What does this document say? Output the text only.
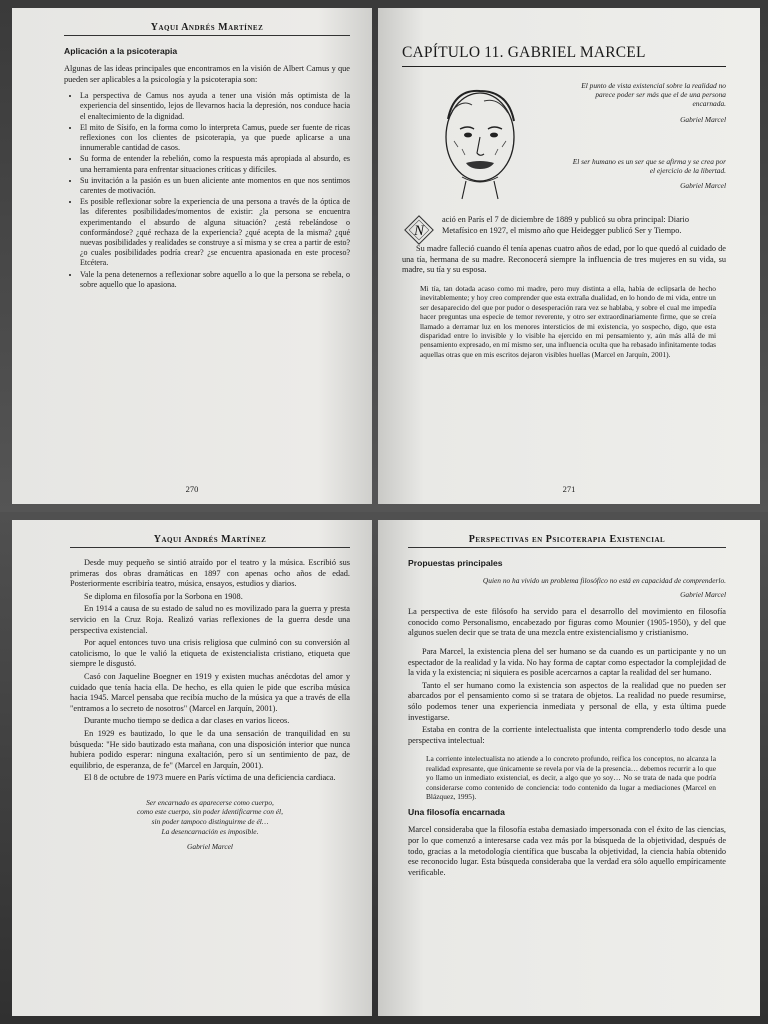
Yaqui Andrés Martínez
Aplicación a la psicoterapia

Algunas de las ideas principales que encontramos en la visión de Albert Camus y que pueden ser aplicables a la psicología y la psicoterapia son:

• La perspectiva de Camus nos ayuda a tener una visión más optimista de la experiencia del sinsentido, lejos de llevarnos hacia la depresión, nos conduce hacia el enaltecimiento de la dignidad.
• El mito de Sísifo, en la forma como lo interpreta Camus, puede ser fuente de ricas reflexiones con los clientes de psicoterapia, ya que puede aplicarse a una innumerable cantidad de casos.
• Su forma de entender la rebelión, como la respuesta más apropiada al absurdo, es una herramienta para enfrentar situaciones críticas y difíciles.
• Su invitación a la pasión es un buen aliciente ante momentos en que nos sentimos carentes de motivación.
• Es posible reflexionar sobre la experiencia de una persona a través de la óptica de las diferentes posibilidades/momentos de existir: ¿la persona se encuentra experimentando el absurdo de alguna situación? ¿está rebelándose o conformándose? ¿qué rechaza de la experiencia? ¿qué acepta de la misma? ¿qué nuevas posibilidades y realidades se construye a sí misma y se crea a partir de esto? ¿o cuales posibilidades podría crear? ¿se encuentra apasionada en este proceso? Etcétera.
• Vale la pena detenernos a reflexionar sobre aquello a lo que la persona se rebela, o sobre aquello que lo apasiona.
270
CAPÍTULO 11. GABRIEL MARCEL
El punto de vista existencial sobre la realidad no parece poder ser más que el de una persona encarnada.
Gabriel Marcel
El ser humano es un ser que se afirma y se crea por el ejercicio de la libertad.
Gabriel Marcel
N
ació en París el 7 de diciembre de 1889 y publicó su obra principal: Diario Metafísico en 1927, el mismo año que Heidegger publicó Ser y Tiempo.

Su madre falleció cuando él tenía apenas cuatro años de edad, por lo que quedó al cuidado de una tía, hermana de su madre. Reconocerá siempre la influencia de tres mujeres en su vida, su madre, su tía y su esposa.

Mi tía, tan dotada acaso como mi madre, pero muy distinta a ella, había de eclipsarla de hecho inevitablemente; y hoy creo comprender que esta extraña dualidad, en lo hondo de mi vida, entre un ser desaparecido del que por pudor o desesperación rara vez se hablaba, y sobre el cual me impedía hacer preguntas una especie de temor reverente, y otro ser extraordinariamente firme, que se creía llamado a derramar luz en los menores intersticios de mi existencia, yo sospecho, digo, que esta disparidad entre lo invisible y lo visible ha ejercido en mi pensamiento y, aún más allá de mi pensamiento expresado, en mí mismo ser, una influencia oculta que ha rebasado infinitamente todas aquellas otras que en mis escritos dejaron visibles huellas (Marcel en Jarquín, 2001).
271
Yaqui Andrés Martínez

Desde muy pequeño se sintió atraído por el teatro y la música. Escribió sus primeras dos obras dramáticas en 1897 con apenas ocho años de edad. Posteriormente escribiría teatro, música, ensayos, estudios y diarios.

Se diploma en filosofía por la Sorbona en 1908.

En 1914 a causa de su estado de salud no es movilizado para la guerra y presta servicio en la Cruz Roja. Realizó varias reflexiones de la guerra desde una perspectiva existencial.

Por aquel entonces tuvo una crisis religiosa que culminó con su conversión al catolicismo, lo que le valió la etiqueta de existencialista cristiano, etiqueta que siempre le disgustó.

Casó con Jaqueline Boegner en 1919 y existen muchas anécdotas del amor y cuidado que tenía hacia ella. De hecho, es ella quien le pide que escriba música hacia 1945. Marcel pensaba que recibía mucho de la música ya que a través de ella "entramos a lo secreto de nosotros" (Marcel en Jarquín, 2001).

Durante mucho tiempo se dedica a dar clases en varios liceos.

En 1929 es bautizado, lo que le da una sensación de tranquilidad en su búsqueda: "He sido bautizado esta mañana, con una disposición interior que nunca hubiera podido esperar: ninguna exaltación, pero sí un sentimiento de paz, de equilibrio, de esperanza, de fe" (Marcel en Jarquín, 2001).

El 8 de octubre de 1973 muere en París víctima de una deficiencia cardiaca.

Ser encarnado es aparecerse como cuerpo,
como este cuerpo, sin poder identificarme con él,
sin poder tampoco distinguirme de él…
La desencarnación es imposible.
Gabriel Marcel
Perspectivas en Psicoterapia Existencial
Propuestas principales
Quien no ha vivido un problema filosófico no está en capacidad de comprenderlo.
Gabriel Marcel

La perspectiva de este filósofo ha servido para el desarrollo del movimiento en filosofía conocido como Personalismo, encabezado por figuras como Mounier (1905-1950), y del que algunos suelen decir que se trata de una mezcla entre existencialismo y cristianismo.

Para Marcel, la existencia plena del ser humano se da cuando es un participante y no un espectador de la realidad y la vida. No hay forma de captar como espectador la complejidad de la vida y la existencia; ni siquiera es posible acercarnos a captar la realidad del ser humano.

Tanto el ser humano como la existencia son aspectos de la realidad que no pueden ser abarcados por el pensamiento como si se tratara de objetos. La realidad no puede resumirse, sólo podemos tener una experiencia inmediata y personal de ella, y esta última puede investigarse.

Estaba en contra de la corriente intelectualista que intenta comprenderlo todo desde una perspectiva intelectual:

La corriente intelectualista no atiende a lo concreto profundo, reifica los conceptos, no alcanza la realidad expresante, que únicamente se revela por vía de la presencia… debemos recurrir a lo que yo llamo un inmediato existencial, es decir, a algo que yo soy… No se trata de nada que podría considerarse como contenido de conciencia: todo contenido da lugar a mediaciones (Marcel en Blázquez, 1995).
Una filosofía encarnada

Marcel consideraba que la filosofía estaba demasiado impersonada con el éxito de las ciencias, por lo que comenzó a interesarse cada vez más por la búsqueda de la objetividad, después de todo, gracias a la metodología científica que buscaba la objetividad, la ciencia había obtenido ese reconocido lugar. Esta búsqueda consideraba que la verdad era sólo aquello empíricamente verificable.
